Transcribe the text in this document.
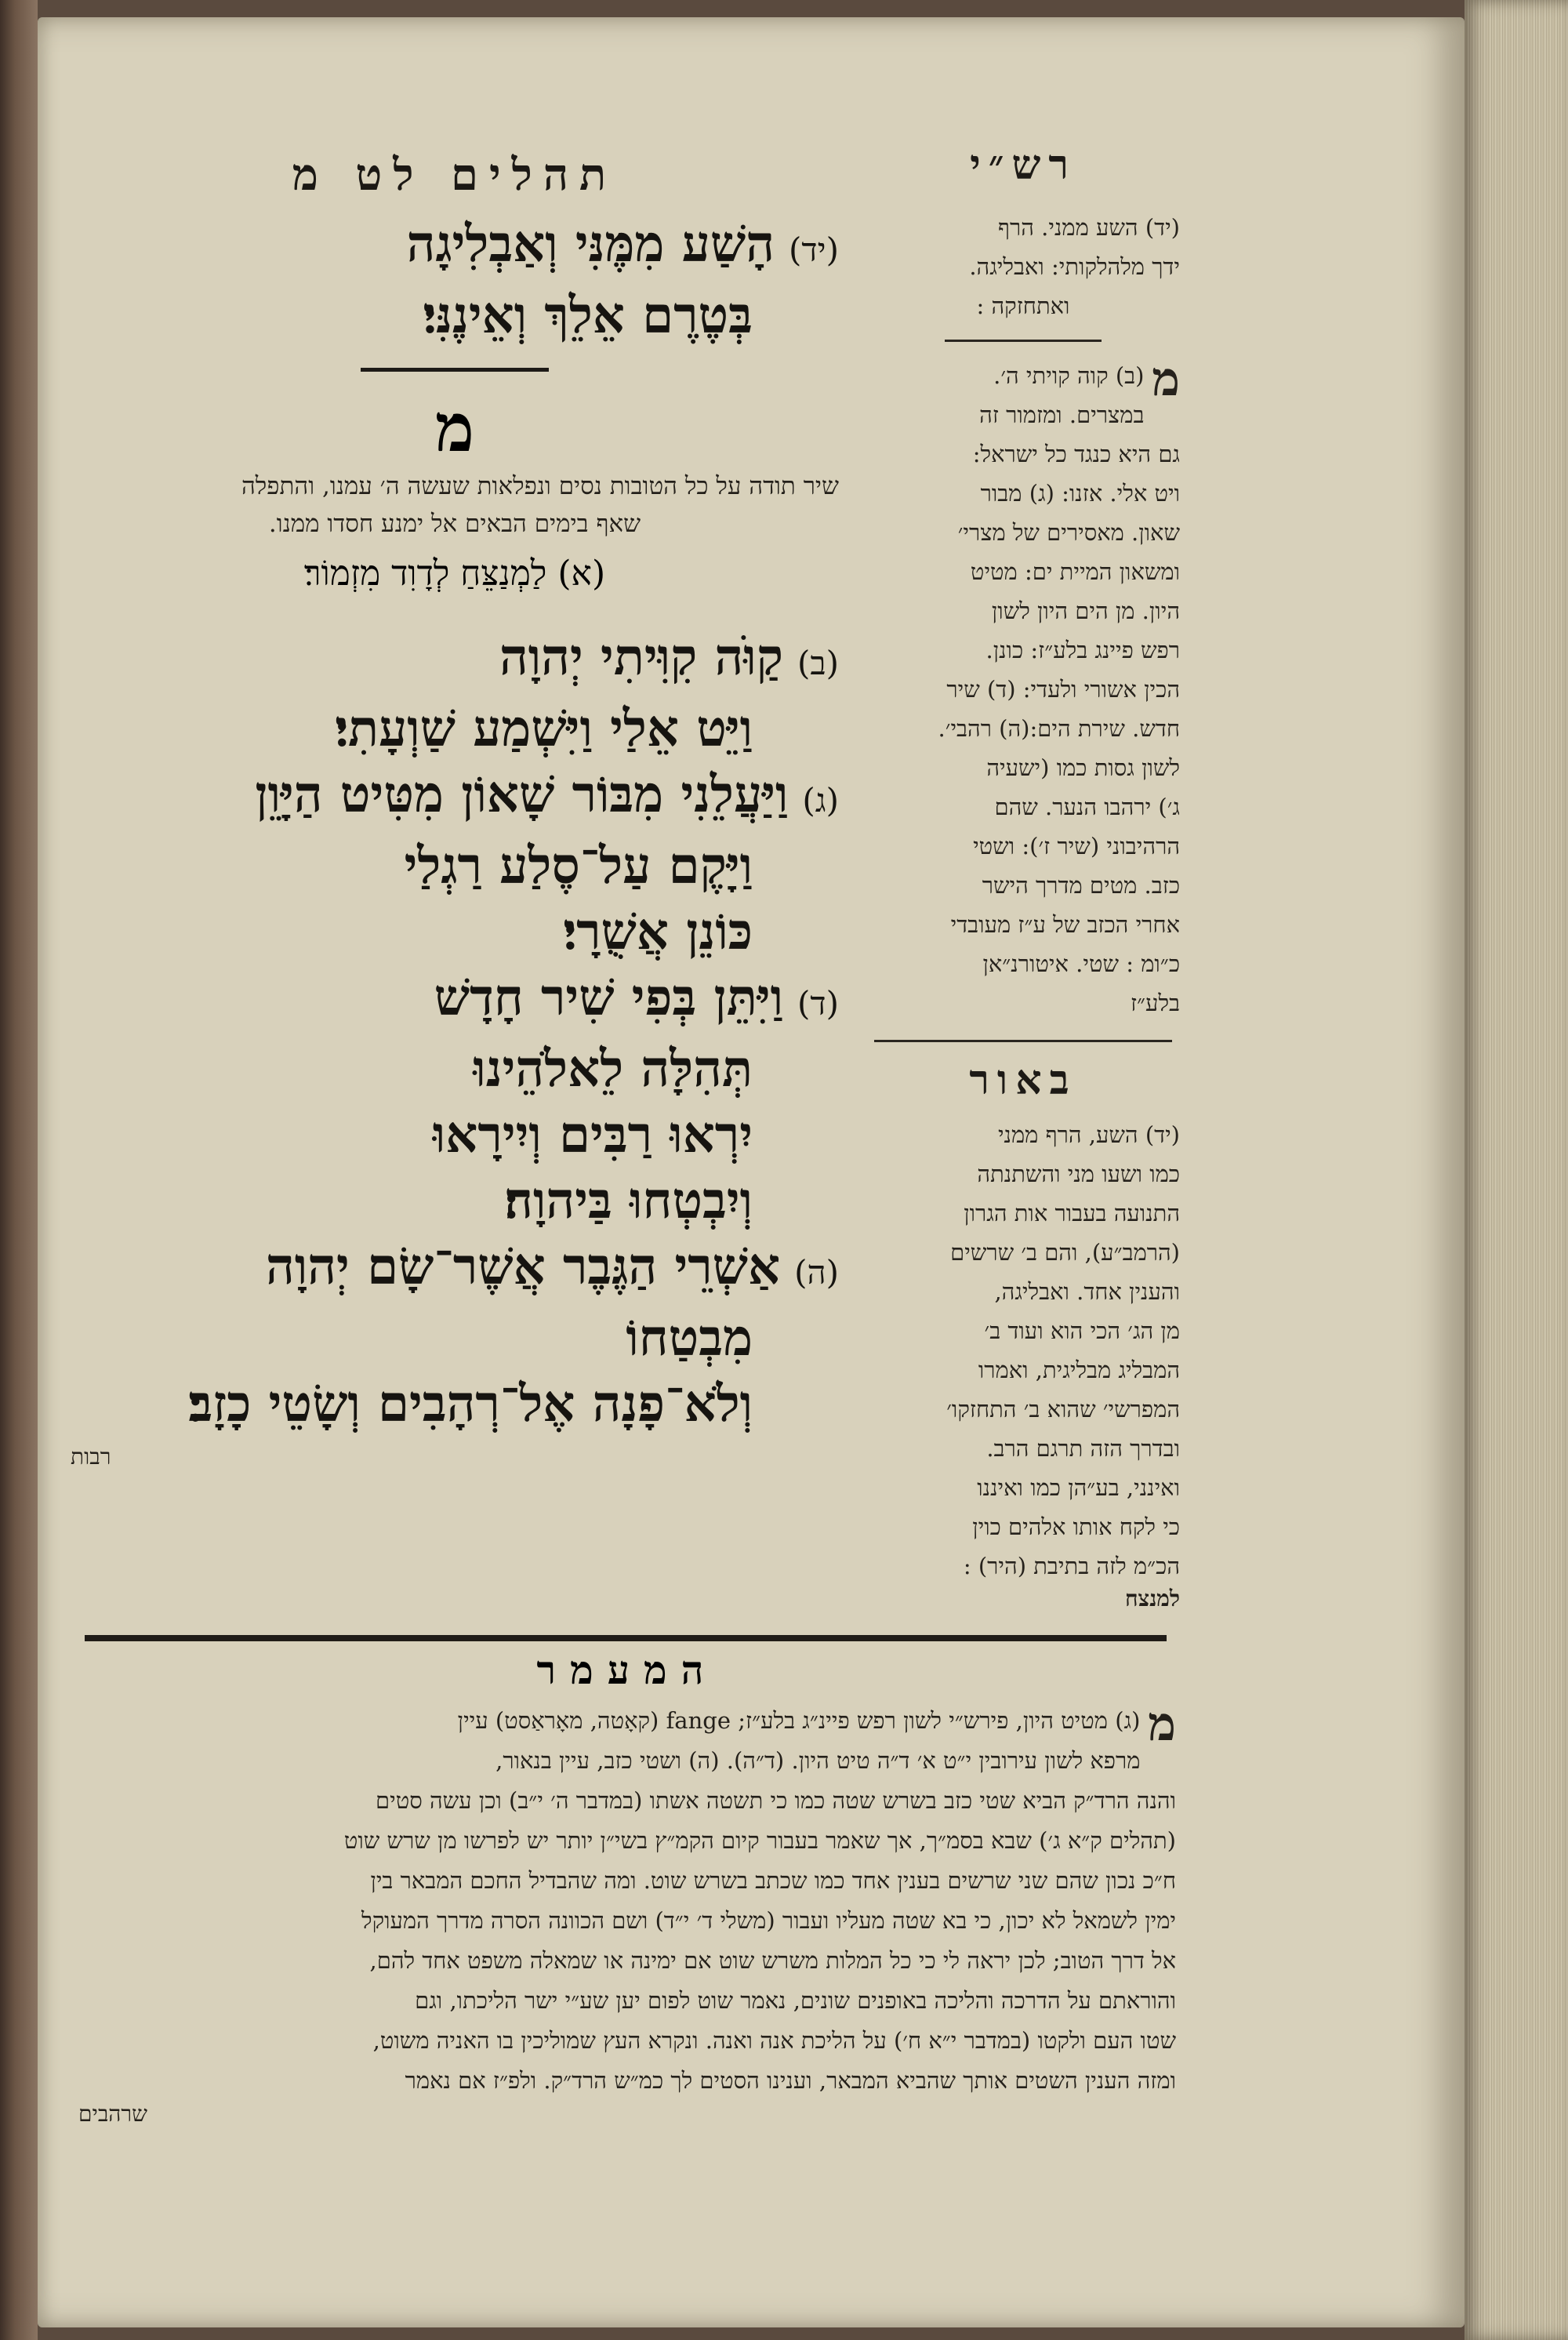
רש״י
(יד) השע ממני. הרף
ידך מלהלקותי: ואבליגה.
ואתחזקה :
מ
(ב) קוה קויתי ה׳.
במצרים. ומזמור זה
גם היא כנגד כל ישראל:
ויט אלי. אזנו: (ג) מבור
שאון. מאסירים של מצרי׳
ומשאון המיית ים: מטיט
היון. מן הים היון לשון
רפש פיינג בלע״ז: כונן.
הכין אשורי ולעדי: (ד) שיר
חדש. שירת הים:(ה) רהבי׳.
לשון גסות כמו (ישעיה
ג׳) ירהבו הנער. שהם
הרהיבוני (שיר ז׳): ושטי
כזב. מטים מדרך הישר
אחרי הכזב של ע״ז מעובדי
כ״ומ : שטי. איטורנ״אן
בלע״ז
באור
(יד) השע, הרף ממני
כמו ושעו מני והשתנתה
התנועה בעבור אות הגרון
(הרמב״ע), והם ב׳ שרשים
והענין אחד. ואבליגה,
מן הג׳ הכי הוא ועוד ב׳
המבליג מבליגית, ואמרו
המפרשי׳ שהוא ב׳ התחזקו׳
ובדרך הזה תרגם הרב.
ואינני, בע״הן כמו ואיננו
כי לקח אותו אלהים כוין
הכ״מ לזה בתיבת (היר) :
למנצח
תהלים לט מ
(יד)הָשַׁע מִמֶּנִּי וְאַבְלִיגָה
בְּטֶרֶם אֵלֵךְ וְאֵינֶנִּי׃
מ
שיר תודה על כל הטובות נסים ונפלאות שעשה ה׳ עמנו, והתפלה
שאף בימים הבאים אל ימנע חסדו ממנו.
(א) לַמְנַצֵּחַ לְדָוִד מִזְמוֹר׃
(ב)קַוֺּה קִוִּיתִי יְהוָה
וַיֵּט אֵלַי וַיִּשְׁמַע שַׁוְעָתִי׃
(ג)וַיַּעֲלֵנִי מִבּוֹר שָׁאוֹן מִטִּיט הַיָּוֵן
וַיָּקֶם עַל־סֶלַע רַגְלַי
כּוֹנֵן אֲשֻׁרָי׃
(ד)וַיִּתֵּן בְּפִי שִׁיר חָדָשׁ
תְּהִלָּה לֵאלֹהֵינוּ
יִרְאוּ רַבִּים וְיִירָאוּ
וְיִבְטְחוּ בַּיהוָה׃
(ה)אַשְׁרֵי הַגֶּבֶר אֲשֶׁר־שָׂם יְהוָה
מִבְטַחוֹ
וְלֹא־פָנָה אֶל־רְהָבִים וְשָׂטֵי כָזָב׃
רבות
המעמר
מ
(ג) מטיט היון, פירש״י לשון רפש פיינ״ג בלע״ז; fange (קאָטה, מאָראַסט) עיין
מרפא לשון עירובין י״ט א׳ ד״ה טיט היון. (ד״ה). (ה) ושטי כזב, עיין בנאור,
והנה הרד״ק הביא שטי כזב בשרש שטה כמו כי תשטה אשתו (במדבר ה׳ י״ב) וכן עשה סטים
(תהלים ק״א ג׳) שבא בסמ״ך, אך שאמר בעבור קיום הקמ״ץ בשי״ן יותר יש לפרשו מן שרש שוט
ח״כ נכון שהם שני שרשים בענין אחד כמו שכתב בשרש שוט. ומה שהבדיל החכם המבאר בין
ימין לשמאל לא יכון, כי בא שטה מעליו ועבור (משלי ד׳ י״ד) ושם הכוונה הסרה מדרך המעוקל
אל דרך הטוב; לכן יראה לי כי כל המלות משרש שוט אם ימינה או שמאלה משפט אחד להם,
והוראתם על הדרכה והליכה באופנים שונים, נאמר שוט לפום יען שע״י ישר הליכתו, וגם
שטו העם ולקטו (במדבר י״א ח׳) על הליכת אנה ואנה. ונקרא העץ שמוליכין בו האניה משוט,
ומזה הענין השטים אותך שהביא המבאר, וענינו הסטים לך כמ״ש הרד״ק. ולפ״ז אם נאמר
שרהבים
